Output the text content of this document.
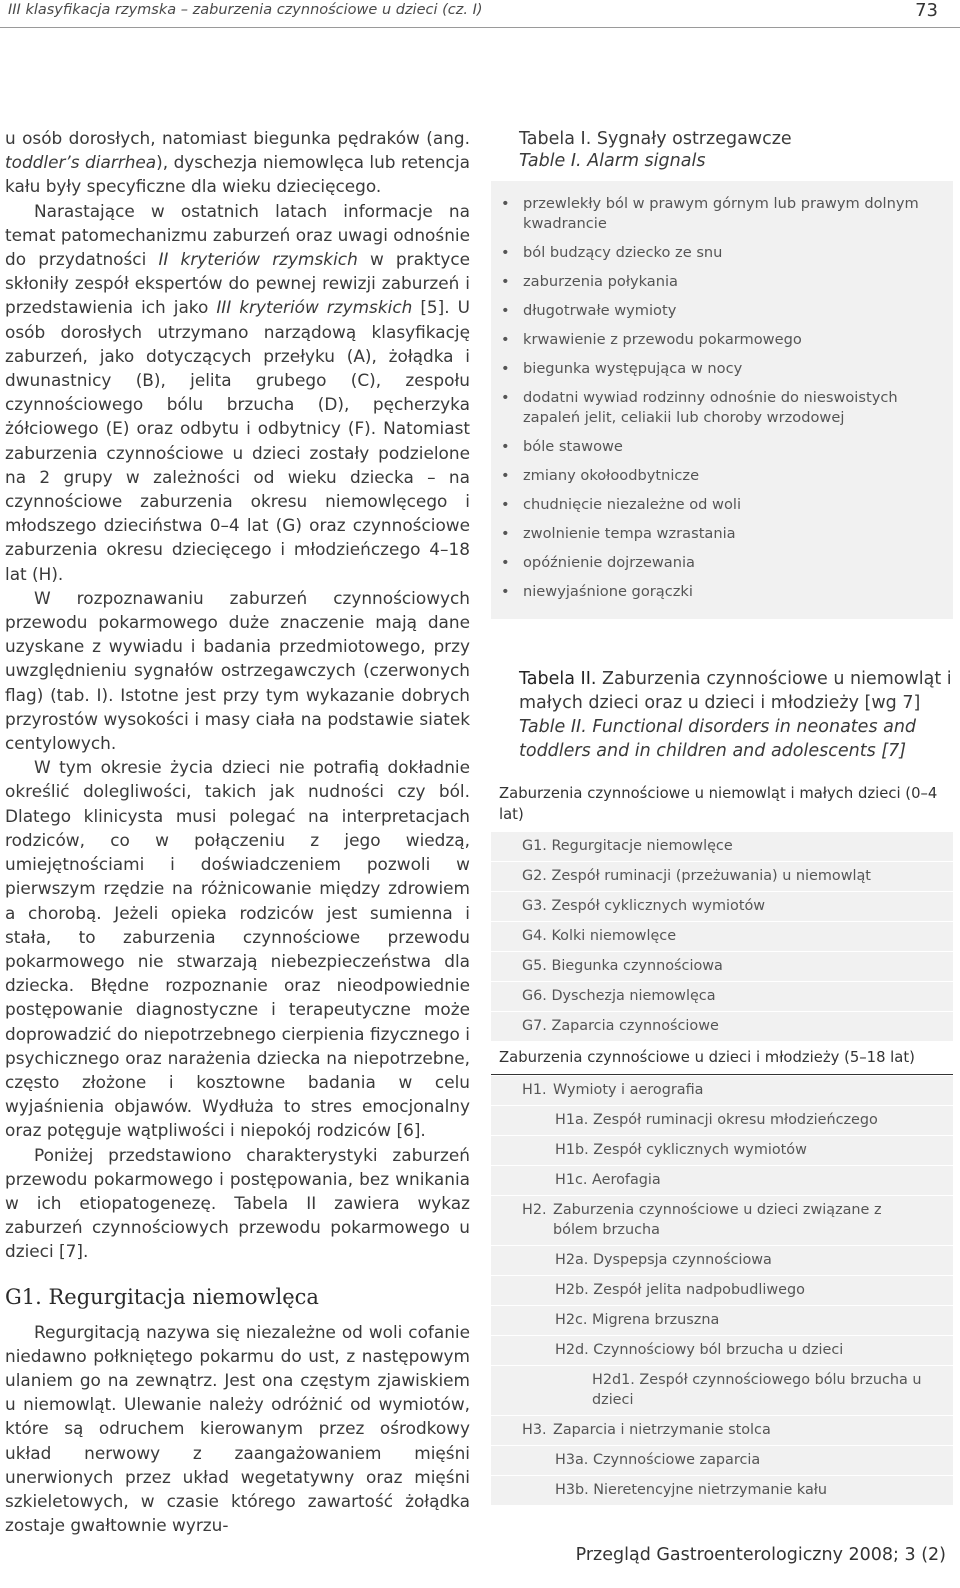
III klasyfikacja rzymska – zaburzenia czynnościowe u dzieci (cz. I)	73

u osób dorosłych, natomiast biegunka pędraków (ang. toddler’s diarrhea), dyschezja niemowlęca lub retencja kału były specyficzne dla wieku dziecięcego.

Narastające w ostatnich latach informacje na temat patomechanizmu zaburzeń oraz uwagi odnośnie do przydatności II kryteriów rzymskich w praktyce skłoniły zespół ekspertów do pewnej rewizji zaburzeń i przedstawienia ich jako III kryteriów rzymskich [5]. U osób dorosłych utrzymano narządową klasyfikację zaburzeń, jako dotyczących przełyku (A), żołądka i dwunastnicy (B), jelita grubego (C), zespołu czynnościowego bólu brzucha (D), pęcherzyka żółciowego (E) oraz odbytu i odbytnicy (F). Natomiast zaburzenia czynnościowe u dzieci zostały podzielone na 2 grupy w zależności od wieku dziecka – na czynnościowe zaburzenia okresu niemowlęcego i młodszego dzieciństwa 0–4 lat (G) oraz czynnościowe zaburzenia okresu dziecięcego i młodzieńczego 4–18 lat (H).

W rozpoznawaniu zaburzeń czynnościowych przewodu pokarmowego duże znaczenie mają dane uzyskane z wywiadu i badania przedmiotowego, przy uwzględnieniu sygnałów ostrzegawczych (czerwonych flag) (tab. I). Istotne jest przy tym wykazanie dobrych przyrostów wysokości i masy ciała na podstawie siatek centylowych.

W tym okresie życia dzieci nie potrafią dokładnie określić dolegliwości, takich jak nudności czy ból. Dlatego klinicysta musi polegać na interpretacjach rodziców, co w połączeniu z jego wiedzą, umiejętnościami i doświadczeniem pozwoli w pierwszym rzędzie na różnicowanie między zdrowiem a chorobą. Jeżeli opieka rodziców jest sumienna i stała, to zaburzenia czynnościowe przewodu pokarmowego nie stwarzają niebezpieczeństwa dla dziecka. Błędne rozpoznanie oraz nieodpowiednie postępowanie diagnostyczne i terapeutyczne może doprowadzić do niepotrzebnego cierpienia fizycznego i psychicznego oraz narażenia dziecka na niepotrzebne, często złożone i kosztowne badania w celu wyjaśnienia objawów. Wydłuża to stres emocjonalny oraz potęguje wątpliwości i niepokój rodziców [6].

Poniżej przedstawiono charakterystyki zaburzeń przewodu pokarmowego i postępowania, bez wnikania w ich etiopatogenezę. Tabela II zawiera wykaz zaburzeń czynnościowych przewodu pokarmowego u dzieci [7].

G1. Regurgitacja niemowlęca

Regurgitacją nazywa się niezależne od woli cofanie niedawno połkniętego pokarmu do ust, z następowym ulaniem go na zewnątrz. Jest ona częstym zjawiskiem u niemowląt. Ulewanie należy odróżnić od wymiotów, które są odruchem kierowanym przez ośrodkowy układ nerwowy z zaangażowaniem mięśni unerwionych przez układ wegetatywny oraz mięśni szkieletowych, w czasie którego zawartość żołądka zostaje gwałtownie wyrzu-

Tabela I. Sygnały ostrzegawcze
Table I. Alarm signals
• przewlekły ból w prawym górnym lub prawym dolnym kwadrancie
• ból budzący dziecko ze snu
• zaburzenia połykania
• długotrwałe wymioty
• krwawienie z przewodu pokarmowego
• biegunka występująca w nocy
• dodatni wywiad rodzinny odnośnie do nieswoistych zapaleń jelit, celiakii lub choroby wrzodowej
• bóle stawowe
• zmiany okołoodbytnicze
• chudnięcie niezależne od woli
• zwolnienie tempa wzrastania
• opóźnienie dojrzewania
• niewyjaśnione gorączki
Tabela II. Zaburzenia czynnościowe u niemowląt i małych dzieci oraz u dzieci i młodzieży [wg 7]
Table II. Functional disorders in neonates and toddlers and in children and adolescents [7]
Zaburzenia czynnościowe u niemowląt i małych dzieci (0–4 lat)
G1. Regurgitacje niemowlęce
G2. Zespół ruminacji (przeżuwania) u niemowląt
G3. Zespół cyklicznych wymiotów
G4. Kolki niemowlęce
G5. Biegunka czynnościowa
G6. Dyschezja niemowlęca
G7. Zaparcia czynnościowe
Zaburzenia czynnościowe u dzieci i młodzieży (5–18 lat)
H1. Wymioty i aerografia
H1a. Zespół ruminacji okresu młodzieńczego
H1b. Zespół cyklicznych wymiotów
H1c. Aerofagia
H2. Zaburzenia czynnościowe u dzieci związane z bólem brzucha
H2a. Dyspepsja czynnościowa
H2b. Zespół jelita nadpobudliwego
H2c. Migrena brzuszna
H2d. Czynnościowy ból brzucha u dzieci
H2d1. Zespół czynnościowego bólu brzucha u dzieci
H3. Zaparcia i nietrzymanie stolca
H3a. Czynnościowe zaparcia
H3b. Nieretencyjne nietrzymanie kału
Przegląd Gastroenterologiczny 2008; 3 (2)
